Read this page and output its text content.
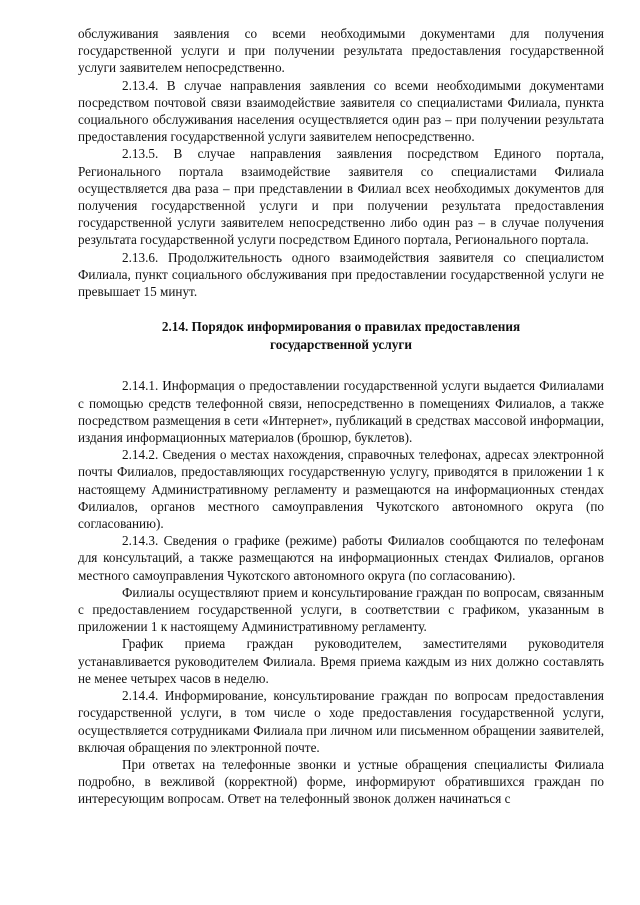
обслуживания заявления со всеми необходимыми документами для получения государственной услуги и при получении результата предоставления государственной услуги заявителем непосредственно.

2.13.4. В случае направления заявления со всеми необходимыми документами посредством почтовой связи взаимодействие заявителя со специалистами Филиала, пункта социального обслуживания населения осуществляется один раз – при получении результата предоставления государственной услуги заявителем непосредственно.

2.13.5. В случае направления заявления посредством Единого портала, Регионального портала взаимодействие заявителя со специалистами Филиала осуществляется два раза – при представлении в Филиал всех необходимых документов для получения государственной услуги и при получении результата предоставления государственной услуги заявителем непосредственно либо один раз – в случае получения результата государственной услуги посредством Единого портала, Регионального портала.

2.13.6. Продолжительность одного взаимодействия заявителя со специалистом Филиала, пункт социального обслуживания при предоставлении государственной услуги не превышает 15 минут.

2.14. Порядок информирования о правилах предоставления
государственной услуги

2.14.1. Информация о предоставлении государственной услуги выдается Филиалами с помощью средств телефонной связи, непосредственно в помещениях Филиалов, а также посредством размещения в сети «Интернет», публикаций в средствах массовой информации, издания информационных материалов (брошюр, буклетов).

2.14.2. Сведения о местах нахождения, справочных телефонах, адресах электронной почты Филиалов, предоставляющих государственную услугу, приводятся в приложении 1 к настоящему Административному регламенту и размещаются на информационных стендах Филиалов, органов местного самоуправления Чукотского автономного округа (по согласованию).

2.14.3. Сведения о графике (режиме) работы Филиалов сообщаются по телефонам для консультаций, а также размещаются на информационных стендах Филиалов, органов местного самоуправления Чукотского автономного округа (по согласованию).

Филиалы осуществляют прием и консультирование граждан по вопросам, связанным с предоставлением государственной услуги, в соответствии с графиком, указанным в приложении 1 к настоящему Административному регламенту.

График приема граждан руководителем, заместителями руководителя устанавливается руководителем Филиала. Время приема каждым из них должно составлять не менее четырех часов в неделю.

2.14.4. Информирование, консультирование граждан по вопросам предоставления государственной услуги, в том числе о ходе предоставления государственной услуги, осуществляется сотрудниками Филиала при личном или письменном обращении заявителей, включая обращения по электронной почте.

При ответах на телефонные звонки и устные обращения специалисты Филиала подробно, в вежливой (корректной) форме, информируют обратившихся граждан по интересующим вопросам. Ответ на телефонный звонок должен начинаться с
